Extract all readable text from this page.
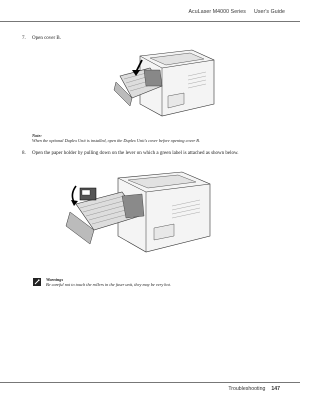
AcuLaser M4000 Series User's Guide
7. Open cover B.
Note:
When the optional Duplex Unit is installed, open the Duplex Unit's cover before opening cover B.
8. Open the paper holder by pulling down on the lever on which a green label is attached as shown below.
Warnings
Be careful not to touch the rollers in the fuser unit, they may be very hot.
Troubleshooting 147
